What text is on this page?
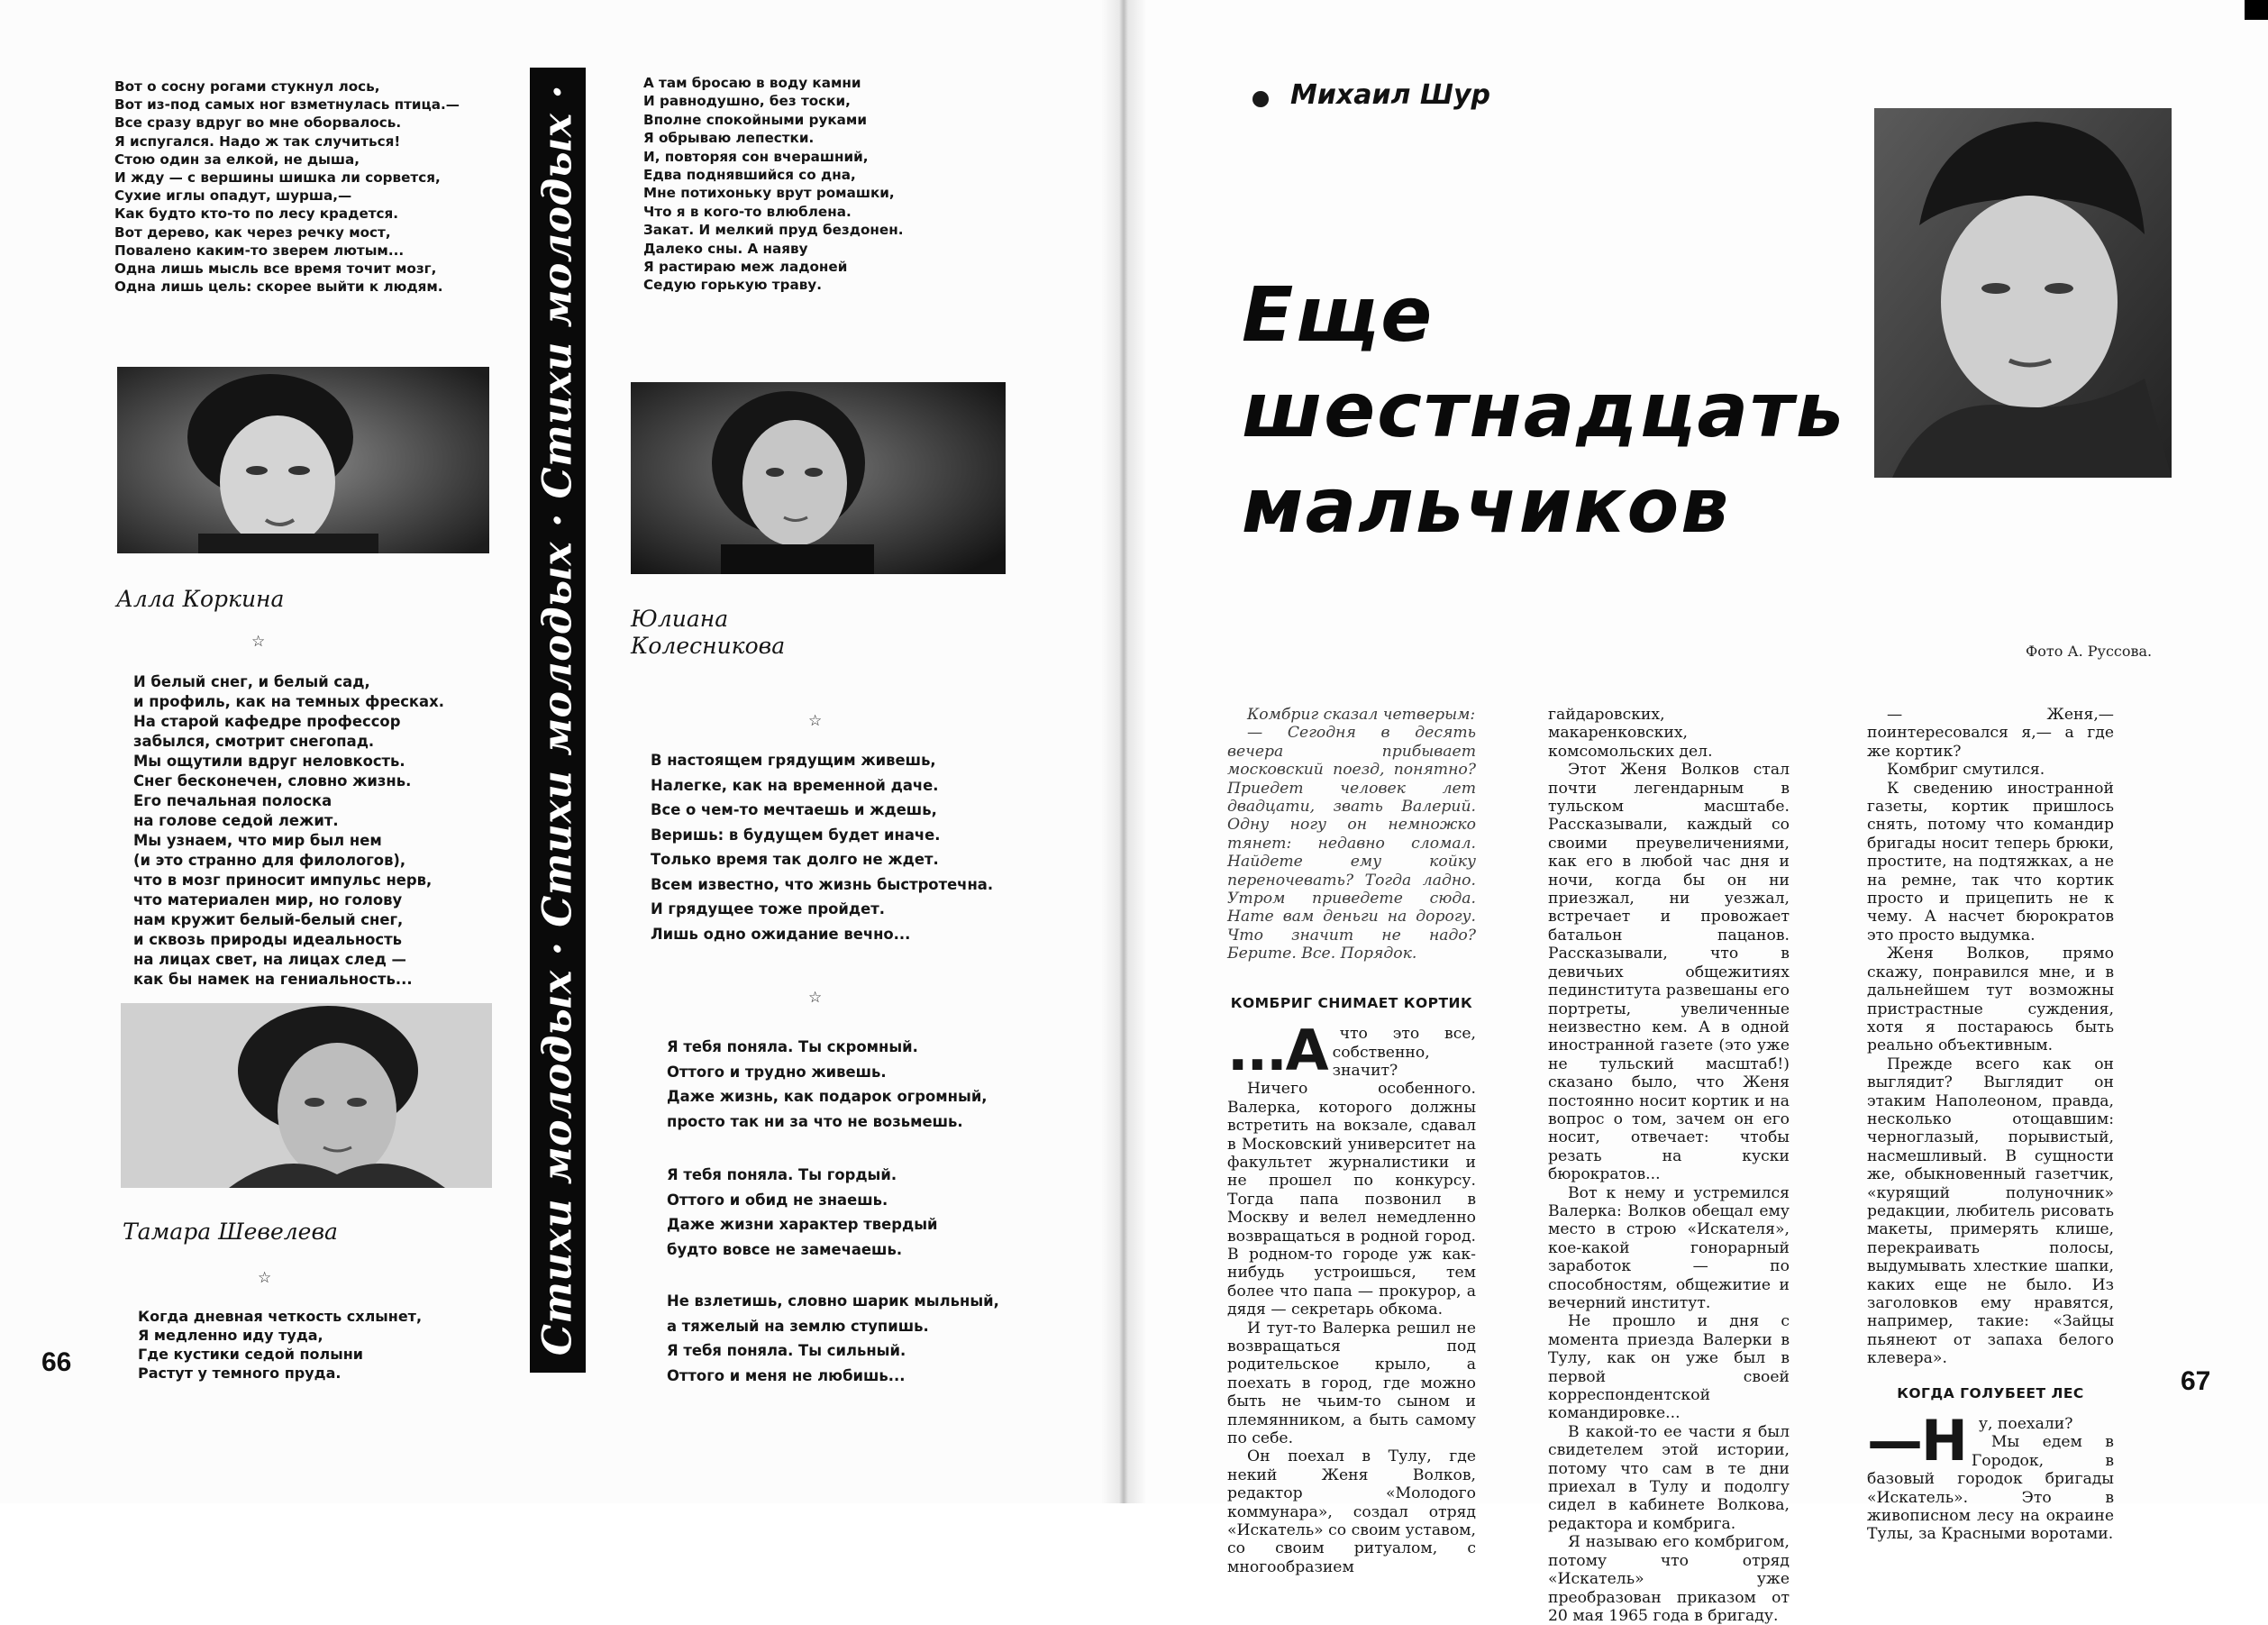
Вот о сосну рогами стукнул лось,
Вот из-под самых ног взметнулась птица.—
Все сразу вдруг во мне оборвалось.
Я испугался. Надо ж так случиться!
Стою один за елкой, не дыша,
И жду — с вершины шишка ли сорвется,
Сухие иглы опадут, шурша,—
Как будто кто-то по лесу крадется.
Вот дерево, как через речку мост,
Повалено каким-то зверем лютым...
Одна лишь мысль все время точит мозг,
Одна лишь цель: скорее выйти к людям.
А там бросаю в воду камни
И равнодушно, без тоски,
Вполне спокойными руками
Я обрываю лепестки.
И, повторяя сон вчерашний,
Едва поднявшийся со дна,
Мне потихоньку врут ромашки,
Что я в кого-то влюблена.
Закат. И мелкий пруд бездонен.
Далеко сны. А наяву
Я растираю меж ладоней
Седую горькую траву.
Алла Коркина
☆
И белый снег, и белый сад,
и профиль, как на темных фресках.
На старой кафедре профессор
забылся, смотрит снегопад.
Мы ощутили вдруг неловкость.
Снег бесконечен, словно жизнь.
Его печальная полоска
на голове седой лежит.
Мы узнаем, что мир был нем
(и это странно для филологов),
что в мозг приносит импульс нерв,
что материален мир, но голову
нам кружит белый-белый снег,
и сквозь природы идеальность
на лицах свет, на лицах след —
как бы намек на гениальность...
Тамара Шевелева
☆
Когда дневная четкость схлынет,
Я медленно иду туда,
Где кустики седой полыни
Растут у темного пруда.
66
Стихи молодых · Стихи молодых · Стихи молодых · Юлиана
Колесникова
☆
В настоящем грядущим живешь,
Налегке, как на временной даче.
Все о чем-то мечтаешь и ждешь,
Веришь: в будущем будет иначе.
Только время так долго не ждет.
Всем известно, что жизнь быстротечна.
И грядущее тоже пройдет.
Лишь одно ожидание вечно...
☆
Я тебя поняла. Ты скромный.
Оттого и трудно живешь.
Даже жизнь, как подарок огромный,
просто так ни за что не возьмешь.
Я тебя поняла. Ты гордый.
Оттого и обид не знаешь.
Даже жизни характер твердый
будто вовсе не замечаешь.
Не взлетишь, словно шарик мыльный,
а тяжелый на землю ступишь.
Я тебя поняла. Ты сильный.
Оттого и меня не любишь...
Михаил Шур
Еще
шестнадцать
мальчиков
Фото А. Руссова.

Комбриг сказал четверым:

— Сегодня в десять вечера прибывает московский поезд, понятно? Приедет человек лет двадцати, звать Валерий. Одну ногу он немножко тянет: недавно сломал. Найдете ему койку переночевать? Тогда ладно. Утром приведете сюда. Нате вам деньги на дорогу. Что значит не надо? Берите. Все. Порядок.

КОМБРИГ СНИМАЕТ КОРТИК
...А что это все, собственно, значит?

Ничего особенного. Валерка, которого должны встретить на вокзале, сдавал в Московский университет на факультет журналистики и не прошел по конкурсу. Тогда папа позвонил в Москву и велел немедленно возвращаться в родной город. В родном-то городе уж как-нибудь устроишься, тем более что папа — прокурор, а дядя — секретарь обкома.

И тут-то Валерка решил не возвращаться под родительское крыло, а поехать в город, где можно быть не чьим-то сыном и племянником, а быть самому по себе.

Он поехал в Тулу, где некий Женя Волков, редактор «Молодого коммунара», создал отряд «Искатель» со своим уставом, со своим ритуалом, с многообразием

гайдаровских, макаренковских, комсомольских дел.

Этот Женя Волков стал почти легендарным в тульском масштабе. Рассказывали, каждый со своими преувеличениями, как его в любой час дня и ночи, когда бы он ни приезжал, ни уезжал, встречает и провожает батальон пацанов. Рассказывали, что в девичьих общежитиях пединститута развешаны его портреты, увеличенные неизвестно кем. А в одной иностранной газете (это уже не тульский масштаб!) сказано было, что Женя постоянно носит кортик и на вопрос о том, зачем он его носит, отвечает: чтобы резать на куски бюрократов...

Вот к нему и устремился Валерка: Волков обещал ему место в строю «Искателя», кое-какой гонорарный заработок — по способностям, общежитие и вечерний институт.

Не прошло и дня с момента приезда Валерки в Тулу, как он уже был в первой своей корреспондентской командировке...

В какой-то ее части я был свидетелем этой истории, потому что сам в те дни приехал в Тулу и подолгу сидел в кабинете Волкова, редактора и комбрига.

Я называю его комбригом, потому что отряд «Искатель» уже преобразован приказом от 20 мая 1965 года в бригаду.

— Женя,—поинтересовался я,— а где же кортик?

Комбриг смутился.

К сведению иностранной газеты, кортик пришлось снять, потому что командир бригады носит теперь брюки, простите, на подтяжках, а не на ремне, так что кортик просто и прицепить не к чему. А насчет бюрократов это просто выдумка.

Женя Волков, прямо скажу, понравился мне, и в дальнейшем тут возможны пристрастные суждения, хотя я постараюсь быть реально объективным.

Прежде всего как он выглядит? Выглядит он этаким Наполеоном, правда, несколько отощавшим: черноглазый, порывистый, насмешливый. В сущности же, обыкновенный газетчик, «курящий полуночник» редакции, любитель рисовать макеты, примерять клише, перекраивать полосы, выдумывать хлесткие шапки, каких еще не было. Из заголовков ему нравятся, например, такие: «Зайцы пьянеют от запаха белого клевера».

КОГДА ГОЛУБЕЕТ ЛЕС
—Н у, поехали?

Мы едем в Городок, в базовый городок бригады «Искатель». Это в живописном лесу на окраине Тулы, за Красными воротами.

67
